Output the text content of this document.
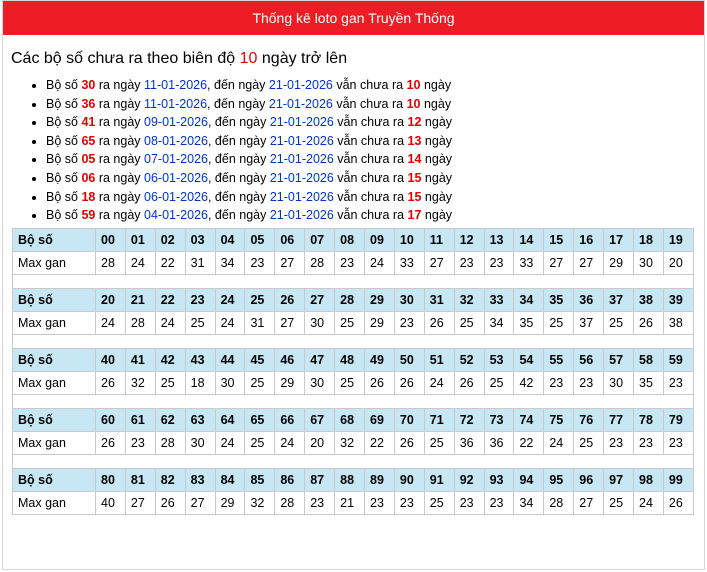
Thống kê loto gan Truyền Thống
Các bộ số chưa ra theo biên độ 10 ngày trở lên
• Bộ số 30 ra ngày 11-01-2026, đến ngày 21-01-2026 vẫn chưa ra 10 ngày
• Bộ số 36 ra ngày 11-01-2026, đến ngày 21-01-2026 vẫn chưa ra 10 ngày
• Bộ số 41 ra ngày 09-01-2026, đến ngày 21-01-2026 vẫn chưa ra 12 ngày
• Bộ số 65 ra ngày 08-01-2026, đến ngày 21-01-2026 vẫn chưa ra 13 ngày
• Bộ số 05 ra ngày 07-01-2026, đến ngày 21-01-2026 vẫn chưa ra 14 ngày
• Bộ số 06 ra ngày 06-01-2026, đến ngày 21-01-2026 vẫn chưa ra 15 ngày
• Bộ số 18 ra ngày 06-01-2026, đến ngày 21-01-2026 vẫn chưa ra 15 ngày
• Bộ số 59 ra ngày 04-01-2026, đến ngày 21-01-2026 vẫn chưa ra 17 ngày
Bộ số	00	01	02	03	04	05	06	07	08	09	10	11	12	13	14	15	16	17	18	19
Max gan	28	24	22	31	34	23	27	28	23	24	33	27	23	23	33	27	27	29	30	20

Bộ số	20	21	22	23	24	25	26	27	28	29	30	31	32	33	34	35	36	37	38	39
Max gan	24	28	24	25	24	31	27	30	25	29	23	26	25	34	35	25	37	25	26	38

Bộ số	40	41	42	43	44	45	46	47	48	49	50	51	52	53	54	55	56	57	58	59
Max gan	26	32	25	18	30	25	29	30	25	26	26	24	26	25	42	23	23	30	35	23

Bộ số	60	61	62	63	64	65	66	67	68	69	70	71	72	73	74	75	76	77	78	79
Max gan	26	23	28	30	24	25	24	20	32	22	26	25	36	36	22	24	25	23	23	23

Bộ số	80	81	82	83	84	85	86	87	88	89	90	91	92	93	94	95	96	97	98	99
Max gan	40	27	26	27	29	32	28	23	21	23	23	25	23	23	34	28	27	25	24	26
